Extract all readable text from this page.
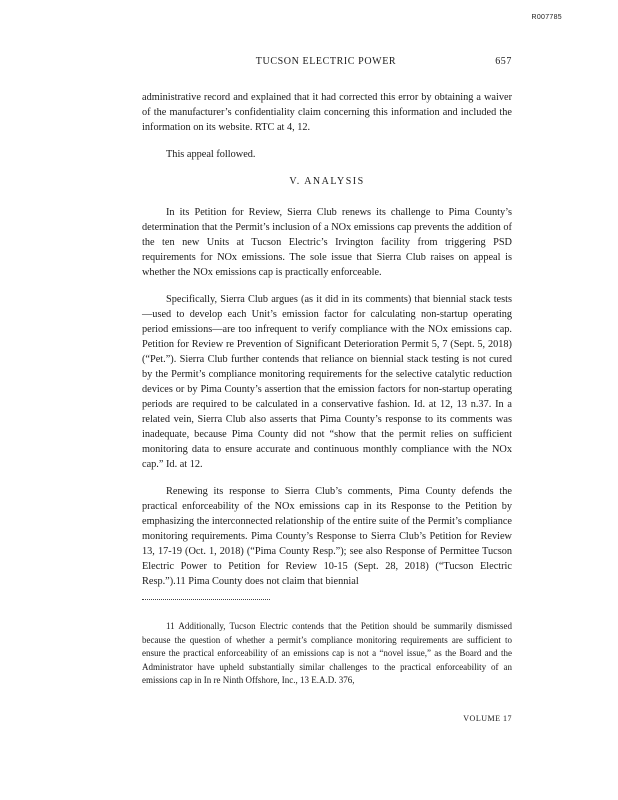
R007785
TUCSON ELECTRIC POWER	657

administrative record and explained that it had corrected this error by obtaining a waiver of the manufacturer’s confidentiality claim concerning this information and included the information on its website. RTC at 4, 12.

This appeal followed.

V. ANALYSIS

In its Petition for Review, Sierra Club renews its challenge to Pima County’s determination that the Permit’s inclusion of a NOx emissions cap prevents the addition of the ten new Units at Tucson Electric’s Irvington facility from triggering PSD requirements for NOx emissions. The sole issue that Sierra Club raises on appeal is whether the NOx emissions cap is practically enforceable.

Specifically, Sierra Club argues (as it did in its comments) that biennial stack tests—used to develop each Unit’s emission factor for calculating non-startup operating period emissions—are too infrequent to verify compliance with the NOx emissions cap. Petition for Review re Prevention of Significant Deterioration Permit 5, 7 (Sept. 5, 2018) (“Pet.”). Sierra Club further contends that reliance on biennial stack testing is not cured by the Permit’s compliance monitoring requirements for the selective catalytic reduction devices or by Pima County’s assertion that the emission factors for non-startup operating periods are required to be calculated in a conservative fashion. Id. at 12, 13 n.37. In a related vein, Sierra Club also asserts that Pima County’s response to its comments was inadequate, because Pima County did not “show that the permit relies on sufficient monitoring data to ensure accurate and continuous monthly compliance with the NOx cap.” Id. at 12.

Renewing its response to Sierra Club’s comments, Pima County defends the practical enforceability of the NOx emissions cap in its Response to the Petition by emphasizing the interconnected relationship of the entire suite of the Permit’s compliance monitoring requirements. Pima County’s Response to Sierra Club’s Petition for Review 13, 17-19 (Oct. 1, 2018) (“Pima County Resp.”); see also Response of Permittee Tucson Electric Power to Petition for Review 10-15 (Sept. 28, 2018) (“Tucson Electric Resp.”).11 Pima County does not claim that biennial

11 Additionally, Tucson Electric contends that the Petition should be summarily dismissed because the question of whether a permit’s compliance monitoring requirements are sufficient to ensure the practical enforceability of an emissions cap is not a “novel issue,” as the Board and the Administrator have upheld substantially similar challenges to the practical enforceability of an emissions cap in In re Ninth Offshore, Inc., 13 E.A.D. 376,
VOLUME 17
